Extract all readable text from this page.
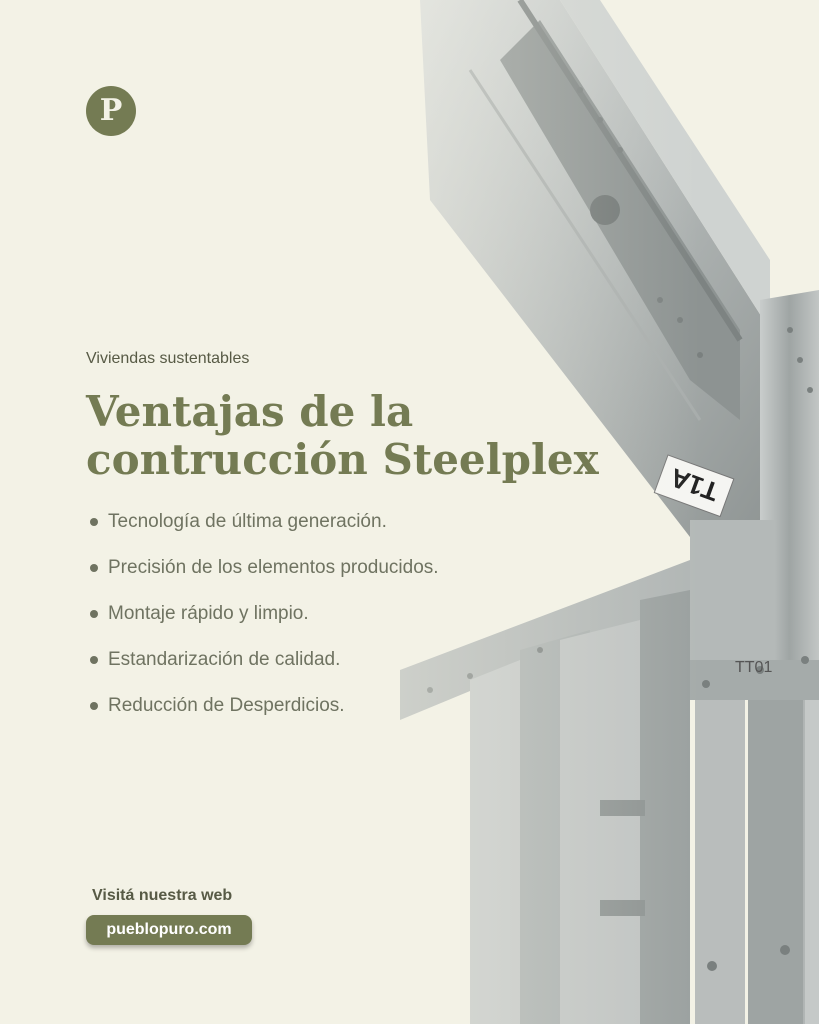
TT01
P
Viviendas sustentables
Ventajas de la
contrucción Steelplex
Tecnología de última generación.
Precisión de los elementos producidos.
Montaje rápido y limpio.
Estandarización de calidad.
Reducción de Desperdicios.
Visitá nuestra web
pueblopuro.com
